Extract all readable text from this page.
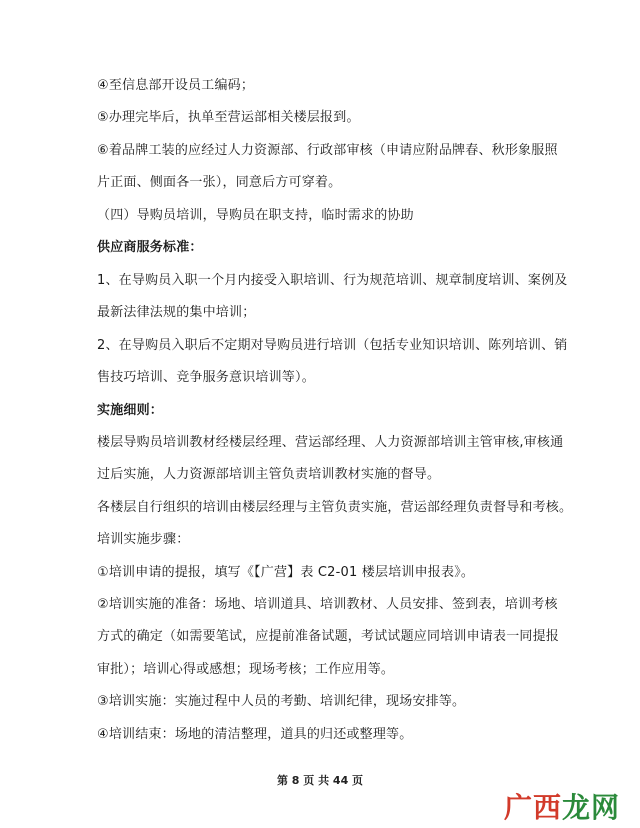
④至信息部开设员工编码；
⑤办理完毕后，执单至营运部相关楼层报到。
⑥着品牌工装的应经过人力资源部、行政部审核（申请应附品牌春、秋形象服照
片正面、侧面各一张），同意后方可穿着。
（四）导购员培训，导购员在职支持，临时需求的协助
供应商服务标准：
1、在导购员入职一个月内接受入职培训、行为规范培训、规章制度培训、案例及
最新法律法规的集中培训；
2、在导购员入职后不定期对导购员进行培训（包括专业知识培训、陈列培训、销
售技巧培训、竞争服务意识培训等）。
实施细则：
楼层导购员培训教材经楼层经理、营运部经理、人力资源部培训主管审核,审核通
过后实施，人力资源部培训主管负责培训教材实施的督导。
各楼层自行组织的培训由楼层经理与主管负责实施，营运部经理负责督导和考核。
培训实施步骤：
①培训申请的提报，填写《【广营】表 C2-01 楼层培训申报表》。
②培训实施的准备：场地、培训道具、培训教材、人员安排、签到表，培训考核
方式的确定（如需要笔试，应提前准备试题，考试试题应同培训申请表一同提报
审批）；培训心得或感想；现场考核；工作应用等。
③培训实施：实施过程中人员的考勤、培训纪律，现场安排等。
④培训结束：场地的清洁整理，道具的归还或整理等。
第 8 页 共 44 页
广西龙网
